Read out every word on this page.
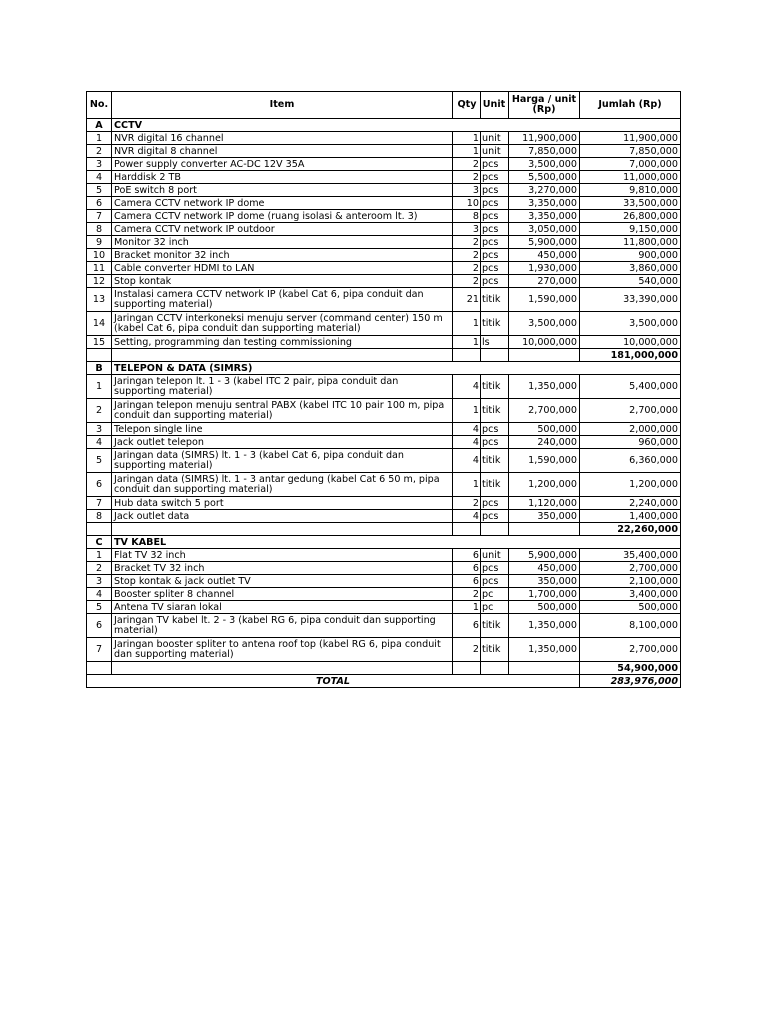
No.	Item	Qty	Unit	Harga / unit (Rp)	Jumlah (Rp)
A	CCTV				
1	NVR digital 16 channel	1	unit	11,900,000	11,900,000
2	NVR digital 8 channel	1	unit	7,850,000	7,850,000
3	Power supply converter AC-DC 12V 35A	2	pcs	3,500,000	7,000,000
4	Harddisk 2 TB	2	pcs	5,500,000	11,000,000
5	PoE switch 8 port	3	pcs	3,270,000	9,810,000
6	Camera CCTV network IP dome	10	pcs	3,350,000	33,500,000
7	Camera CCTV network IP dome (ruang isolasi & anteroom lt. 3)	8	pcs	3,350,000	26,800,000
8	Camera CCTV network IP outdoor	3	pcs	3,050,000	9,150,000
9	Monitor 32 inch	2	pcs	5,900,000	11,800,000
10	Bracket monitor 32 inch	2	pcs	450,000	900,000
11	Cable converter HDMI to LAN	2	pcs	1,930,000	3,860,000
12	Stop kontak	2	pcs	270,000	540,000
13	Instalasi camera CCTV network IP (kabel Cat 6, pipa conduit dan supporting material)	21	titik	1,590,000	33,390,000
14	Jaringan CCTV interkoneksi menuju server (command center) 150 m (kabel Cat 6, pipa conduit dan supporting material)	1	titik	3,500,000	3,500,000
15	Setting, programming dan testing commissioning	1	ls	10,000,000	10,000,000
					181,000,000
B	TELEPON & DATA (SIMRS)				
1	Jaringan telepon lt. 1 - 3 (kabel ITC 2 pair, pipa conduit dan supporting material)	4	titik	1,350,000	5,400,000
2	Jaringan telepon menuju sentral PABX (kabel ITC 10 pair 100 m, pipa conduit dan supporting material)	1	titik	2,700,000	2,700,000
3	Telepon single line	4	pcs	500,000	2,000,000
4	Jack outlet telepon	4	pcs	240,000	960,000
5	Jaringan data (SIMRS) lt. 1 - 3 (kabel Cat 6, pipa conduit dan supporting material)	4	titik	1,590,000	6,360,000
6	Jaringan data (SIMRS) lt. 1 - 3 antar gedung (kabel Cat 6 50 m, pipa conduit dan supporting material)	1	titik	1,200,000	1,200,000
7	Hub data switch 5 port	2	pcs	1,120,000	2,240,000
8	Jack outlet data	4	pcs	350,000	1,400,000
					22,260,000
C	TV KABEL				
1	Flat TV 32 inch	6	unit	5,900,000	35,400,000
2	Bracket TV 32 inch	6	pcs	450,000	2,700,000
3	Stop kontak & jack outlet TV	6	pcs	350,000	2,100,000
4	Booster spliter 8 channel	2	pc	1,700,000	3,400,000
5	Antena TV siaran lokal	1	pc	500,000	500,000
6	Jaringan TV kabel lt. 2 - 3 (kabel RG 6, pipa conduit dan supporting material)	6	titik	1,350,000	8,100,000
7	Jaringan booster spliter to antena roof top (kabel RG 6, pipa conduit dan supporting material)	2	titik	1,350,000	2,700,000
					54,900,000
TOTAL					283,976,000
